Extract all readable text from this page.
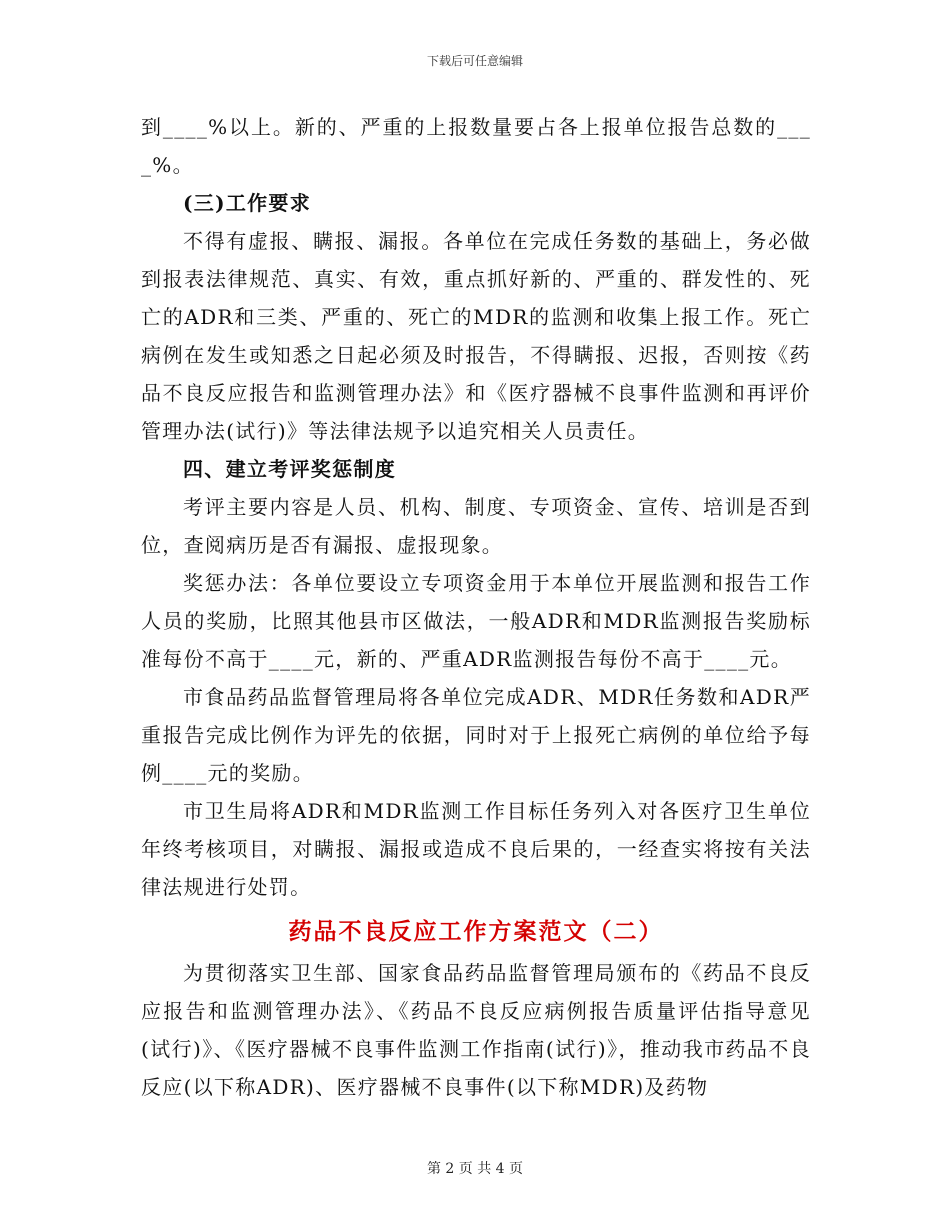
下载后可任意编辑

到____%以上。新的、严重的上报数量要占各上报单位报告总数的____%。

(三)工作要求

不得有虚报、瞒报、漏报。各单位在完成任务数的基础上，务必做到报表法律规范、真实、有效，重点抓好新的、严重的、群发性的、死亡的ADR和三类、严重的、死亡的MDR的监测和收集上报工作。死亡病例在发生或知悉之日起必须及时报告，不得瞒报、迟报，否则按《药品不良反应报告和监测管理办法》和《医疗器械不良事件监测和再评价管理办法(试行)》等法律法规予以追究相关人员责任。

四、建立考评奖惩制度

考评主要内容是人员、机构、制度、专项资金、宣传、培训是否到位，查阅病历是否有漏报、虚报现象。

奖惩办法：各单位要设立专项资金用于本单位开展监测和报告工作人员的奖励，比照其他县市区做法，一般ADR和MDR监测报告奖励标准每份不高于____元，新的、严重ADR监测报告每份不高于____元。

市食品药品监督管理局将各单位完成ADR、MDR任务数和ADR严重报告完成比例作为评先的依据，同时对于上报死亡病例的单位给予每例____元的奖励。

市卫生局将ADR和MDR监测工作目标任务列入对各医疗卫生单位年终考核项目，对瞒报、漏报或造成不良后果的，一经查实将按有关法律法规进行处罚。

药品不良反应工作方案范文（二）

为贯彻落实卫生部、国家食品药品监督管理局颁布的《药品不良反应报告和监测管理办法》、《药品不良反应病例报告质量评估指导意见(试行)》、《医疗器械不良事件监测工作指南(试行)》，推动我市药品不良反应(以下称ADR)、医疗器械不良事件(以下称MDR)及药物

第 2 页 共 4 页
